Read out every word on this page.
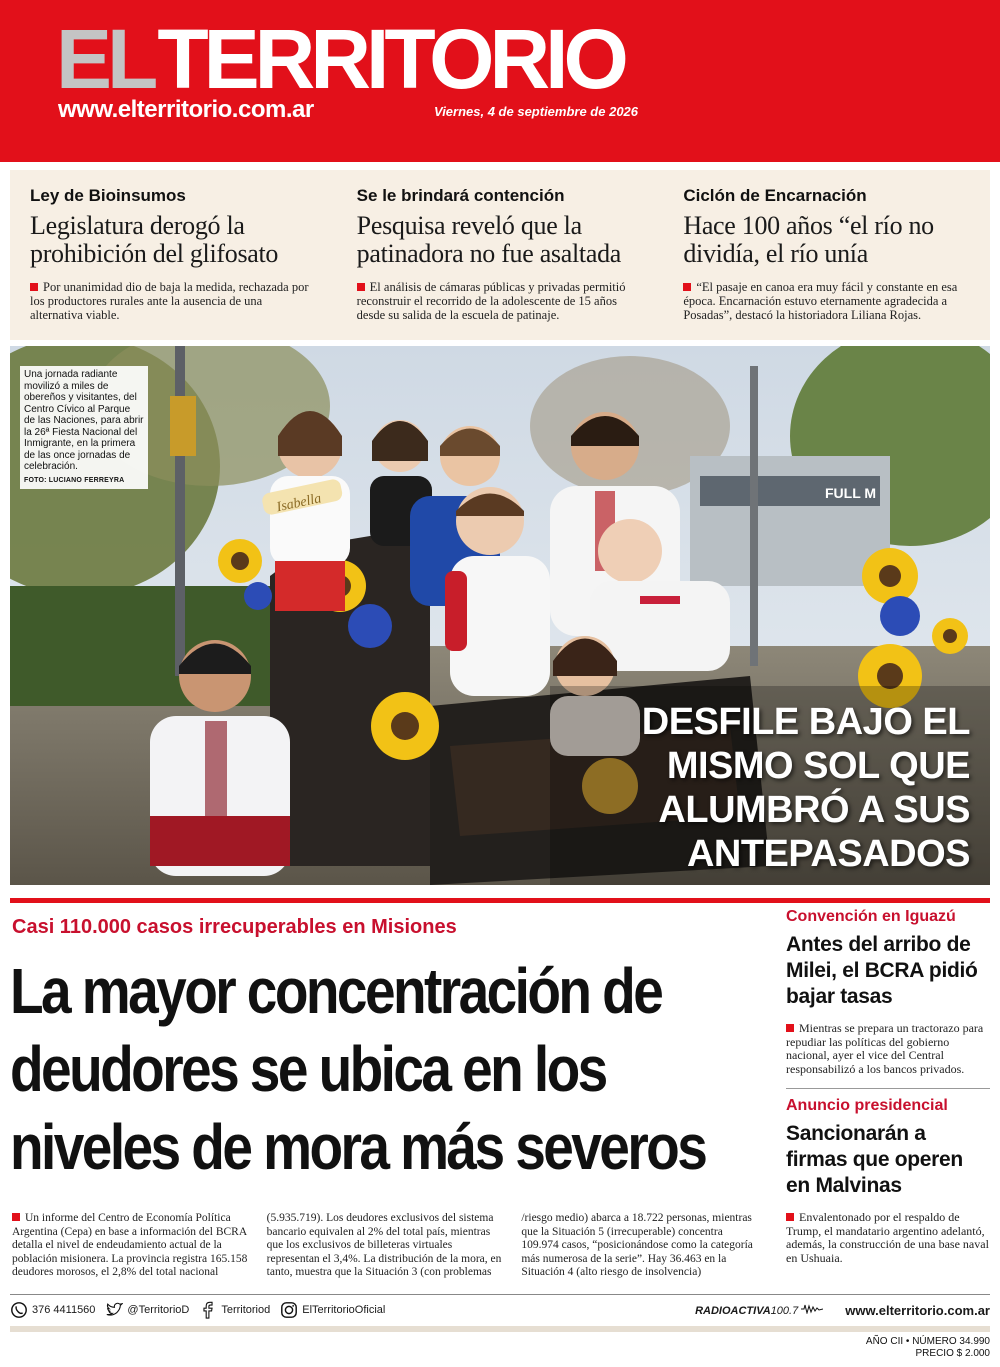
ELTERRITORIO
www.elterritorio.com.ar	Viernes, 4 de septiembre de 2026
Ley de Bioinsumos
Legislatura derogó la prohibición del glifosato
Por unanimidad dio de baja la medida, rechazada por los productores rurales ante la ausencia de una alternativa viable.
Se le brindará contención
Pesquisa reveló que la patinadora no fue asaltada
El análisis de cámaras públicas y privadas permitió reconstruir el recorrido de la adolescente de 15 años desde su salida de la escuela de patinaje.
Ciclón de Encarnación
Hace 100 años “el río no dividía, el río unía
“El pasaje en canoa era muy fácil y constante en esa época. Encarnación estuvo eternamente agradecida a Posadas”, destacó la historiadora Liliana Rojas.
FULL M
Isabella
Una jornada radiante movilizó a miles de obereños y visitantes, del Centro Cívico al Parque de las Naciones, para abrir la 26ª Fiesta Nacional del Inmigrante, en la primera de las once jornadas de celebración.
FOTO: LUCIANO FERREYRA
DESFILE BAJO EL MISMO SOL QUE ALUMBRÓ A SUS ANTEPASADOS
Casi 110.000 casos irrecuperables en Misiones
La mayor concentración de deudores se ubica en los niveles de mora más severos

Un informe del Centro de Economía Política Argentina (Cepa) en base a información del BCRA detalla el nivel de endeudamiento actual de la población misionera. La provincia registra 165.158 deudores morosos, el 2,8% del total nacional

(5.935.719). Los deudores exclusivos del sistema bancario equivalen al 2% del total país, mientras que los exclusivos de billeteras virtuales representan el 3,4%. La distribución de la mora, en tanto, muestra que la Situación 3 (con problemas

/riesgo medio) abarca a 18.722 personas, mientras que la Situación 5 (irrecuperable) concentra 109.974 casos, “posicionándose como la categoría más numerosa de la serie”. Hay 36.463 en la Situación 4 (alto riesgo de insolvencia)

Convención en Iguazú
Antes del arribo de Milei, el BCRA pidió bajar tasas
Mientras se prepara un tractorazo para repudiar las políticas del gobierno nacional, ayer el vice del Central responsabilizó a los bancos privados.
Anuncio presidencial
Sancionarán a firmas que operen en Malvinas
Envalentonado por el respaldo de Trump, el mandatario argentino adelantó, además, la construcción de una base naval en Ushuaia.
376 4411560	@TerritorioD	Territoriod	ElTerritorioOficial	RADIOACTIVA100.7	www.elterritorio.com.ar
AÑO CII • NÚMERO 34.990
PRECIO $ 2.000
